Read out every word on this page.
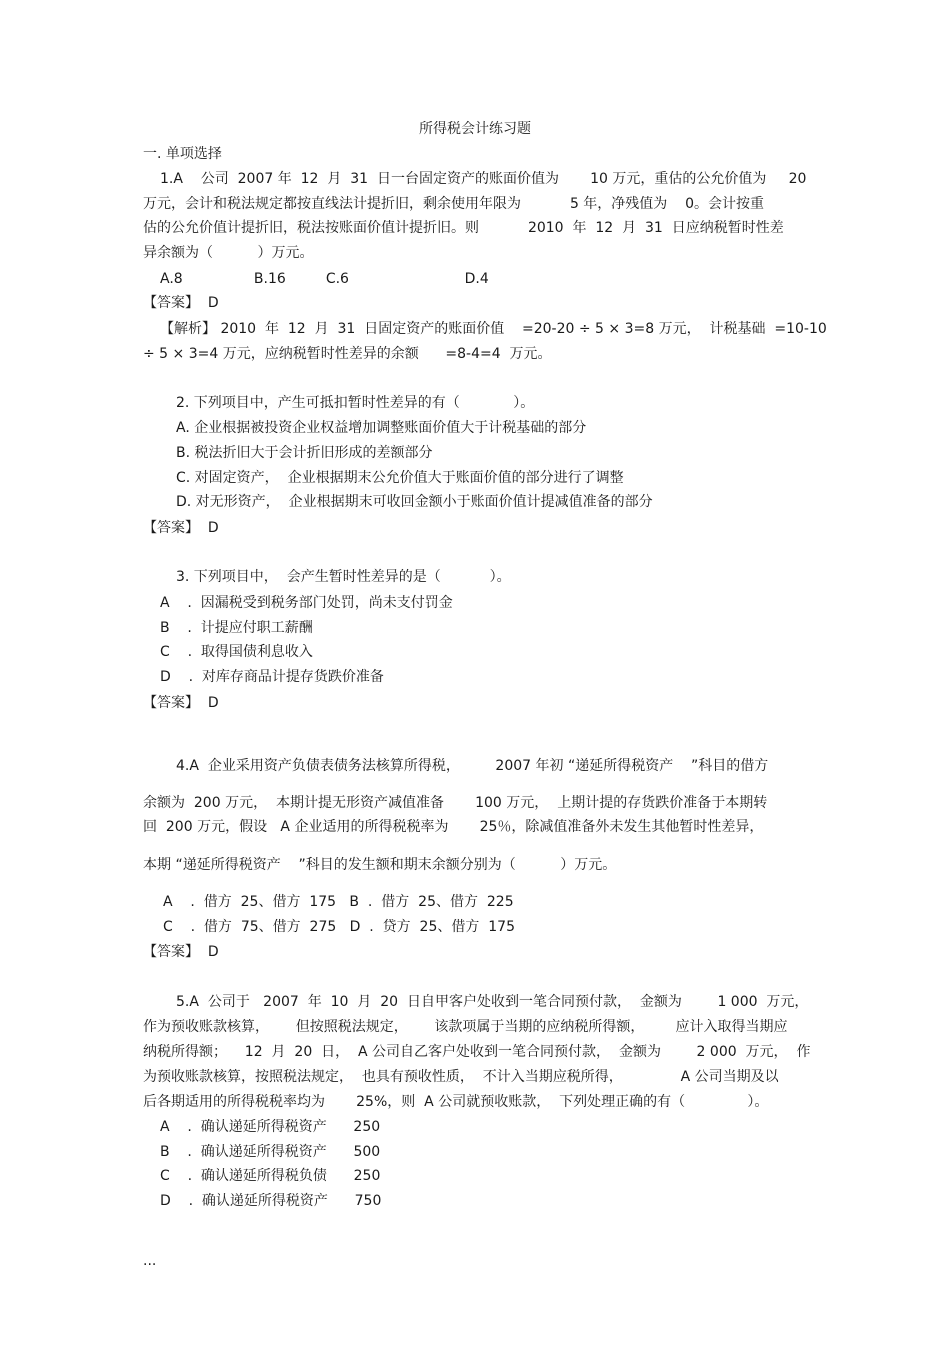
所得税会计练习题
一. 单项选择
1.A    公司  2007 年  12  月  31  日一台固定资产的账面价值为       10 万元，重估的公允价值为     20
万元，会计和税法规定都按直线法计提折旧，剩余使用年限为           5 年，净残值为    0。会计按重
估的公允价值计提折旧，税法按账面价值计提折旧。则           2010  年  12  月  31  日应纳税暂时性差
异余额为（          ）万元。
A.8                B.16         C.6                          D.4
【答案】  D
【解析】 2010  年  12  月  31  日固定资产的账面价值    =20-20 ÷ 5 × 3=8 万元，  计税基础  =10-10
÷ 5 × 3=4 万元，应纳税暂时性差异的余额      =8-4=4  万元。
2. 下列项目中，产生可抵扣暂时性差异的有（            ）。
A. 企业根据被投资企业权益增加调整账面价值大于计税基础的部分
B. 税法折旧大于会计折旧形成的差额部分
C. 对固定资产，  企业根据期末公允价值大于账面价值的部分进行了调整
D. 对无形资产，  企业根据期末可收回金额小于账面价值计提减值准备的部分
【答案】  D
3. 下列项目中，  会产生暂时性差异的是（           ）。
A    .  因漏税受到税务部门处罚，尚未支付罚金
B    .  计提应付职工薪酬
C    .  取得国债利息收入
D    .  对库存商品计提存货跌价准备
【答案】  D
4.A  企业采用资产负债表债务法核算所得税，        2007 年初 “递延所得税资产    ”科目的借方
余额为  200 万元，  本期计提无形资产减值准备       100 万元，  上期计提的存货跌价准备于本期转
回  200 万元，假设   A 企业适用的所得税税率为       25％，除减值准备外未发生其他暂时性差异，
本期 “递延所得税资产    ”科目的发生额和期末余额分别为（          ）万元。
A    .  借方  25、借方  175   B  .  借方  25、借方  225
C    .  借方  75、借方  275   D  .  贷方  25、借方  175
【答案】  D
5.A  公司于   2007  年  10  月  20  日自甲客户处收到一笔合同预付款，  金额为        1 000  万元，
作为预收账款核算，      但按照税法规定，      该款项属于当期的应纳税所得额，       应计入取得当期应
纳税所得额；    12  月  20  日，  A 公司自乙客户处收到一笔合同预付款，  金额为        2 000  万元，  作
为预收账款核算，按照税法规定，  也具有预收性质，  不计入当期应税所得，             A 公司当期及以
后各期适用的所得税税率均为       25%，则  A 公司就预收账款，  下列处理正确的有（              ）。
A    .  确认递延所得税资产      250
B    .  确认递延所得税资产      500
C    .  确认递延所得税负债      250
D    .  确认递延所得税资产      750
...
